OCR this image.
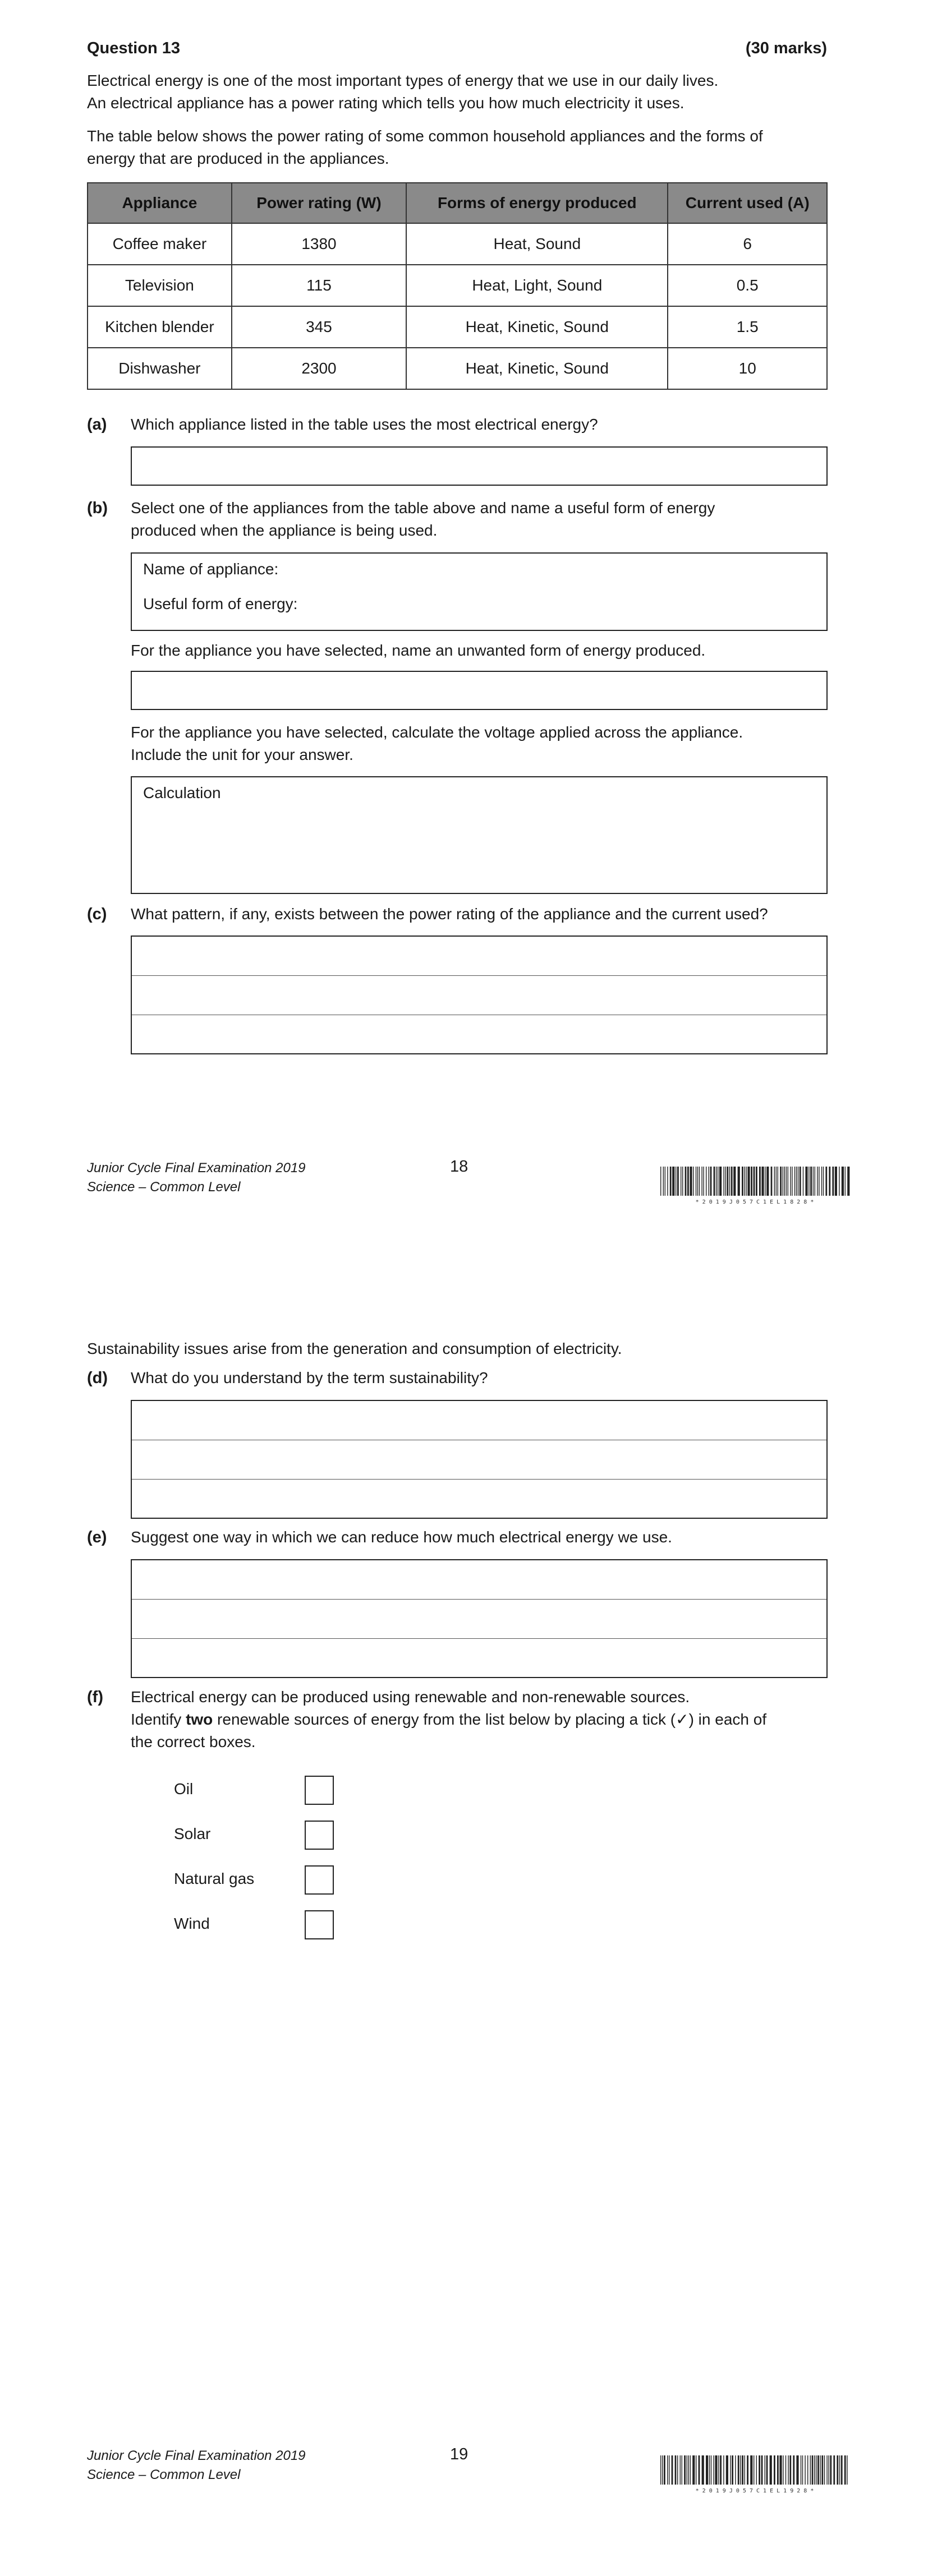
Question 13	(30 marks)
Electrical energy is one of the most important types of energy that we use in our daily lives.
An electrical appliance has a power rating which tells you how much electricity it uses.
The table below shows the power rating of some common household appliances and the forms of
energy that are produced in the appliances.
Appliance	Power rating (W)	Forms of energy produced	Current used (A)
Coffee maker	1380	Heat, Sound	6
Television	115	Heat, Light, Sound	0.5
Kitchen blender	345	Heat, Kinetic, Sound	1.5
Dishwasher	2300	Heat, Kinetic, Sound	10
(a) Which appliance listed in the table uses the most electrical energy?
(b) Select one of the appliances from the table above and name a useful form of energy
produced when the appliance is being used.
Name of appliance:
Useful form of energy:
For the appliance you have selected, name an unwanted form of energy produced.
For the appliance you have selected, calculate the voltage applied across the appliance.
Include the unit for your answer.
Calculation
(c) What pattern, if any, exists between the power rating of the appliance and the current used?
Junior Cycle Final Examination 2019
Science – Common Level
18
* 2 0 1 9 J 0 5 7 C 1 E L 1 8 2 8 *
Sustainability issues arise from the generation and consumption of electricity.
(d) What do you understand by the term sustainability?
(e) Suggest one way in which we can reduce how much electrical energy we use.
(f) Electrical energy can be produced using renewable and non-renewable sources.
Identify two renewable sources of energy from the list below by placing a tick (✓) in each of
the correct boxes.
Oil
Solar
Natural gas
Wind
Junior Cycle Final Examination 2019
Science – Common Level
19
* 2 0 1 9 J 0 5 7 C 1 E L 1 9 2 8 *
